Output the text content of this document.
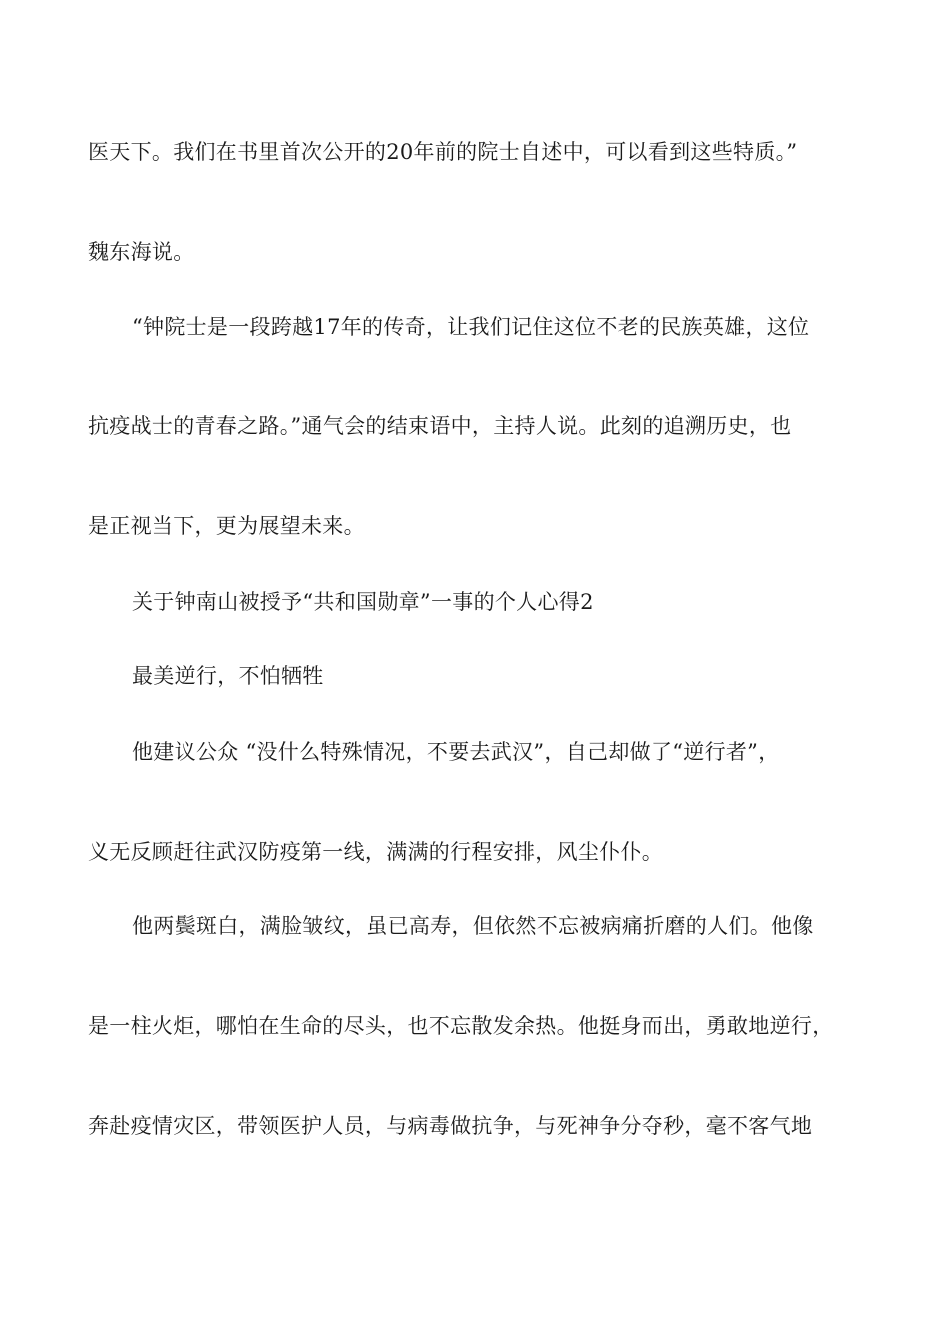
医天下。我们在书里首次公开的20年前的院士自述中，可以看到这些特质。”
魏东海说。
“钟院士是一段跨越17年的传奇，让我们记住这位不老的民族英雄，这位
抗疫战士的青春之路。”通气会的结束语中，主持人说。此刻的追溯历史，也
是正视当下，更为展望未来。
关于钟南山被授予“共和国勋章”一事的个人心得2
最美逆行，不怕牺牲
他建议公众 “没什么特殊情况，不要去武汉”，自己却做了“逆行者”，
义无反顾赶往武汉防疫第一线，满满的行程安排，风尘仆仆。
他两鬓斑白，满脸皱纹，虽已高寿，但依然不忘被病痛折磨的人们。他像
是一柱火炬，哪怕在生命的尽头，也不忘散发余热。他挺身而出，勇敢地逆行，
奔赴疫情灾区，带领医护人员，与病毒做抗争，与死神争分夺秒，毫不客气地
